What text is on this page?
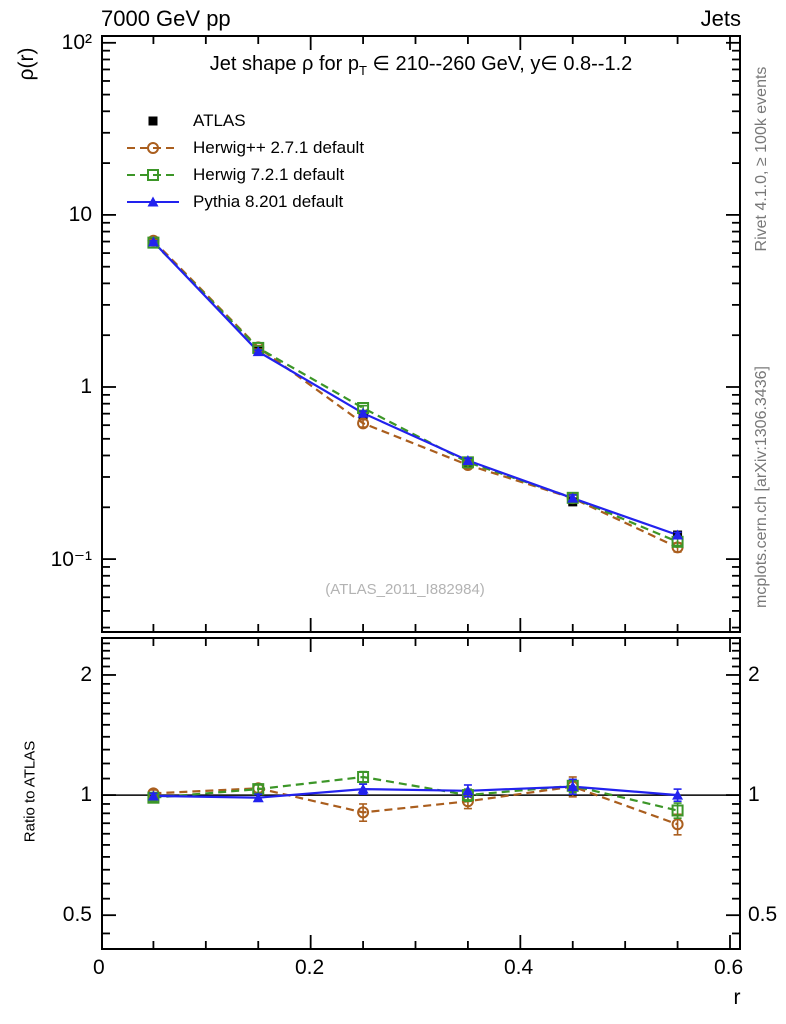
7000 GeV pp	Jets
ρ(r)
10²
10
1
10⁻¹
Jet shape ρ for $p_T$ ∈ 210--260 GeV, y∈ 0.8--1.2
ATLAS
Herwig++ 2.7.1 default
Herwig 7.2.1 default
Pythia 8.201 default
(ATLAS_2011_I882984)
Ratio to ATLAS
2
1
0.5
2
1
0.5
0	0.2	0.4	0.6
r
Rivet 4.1.0, ≥ 100k events
mcplots.cern.ch [arXiv:1306.3436]
